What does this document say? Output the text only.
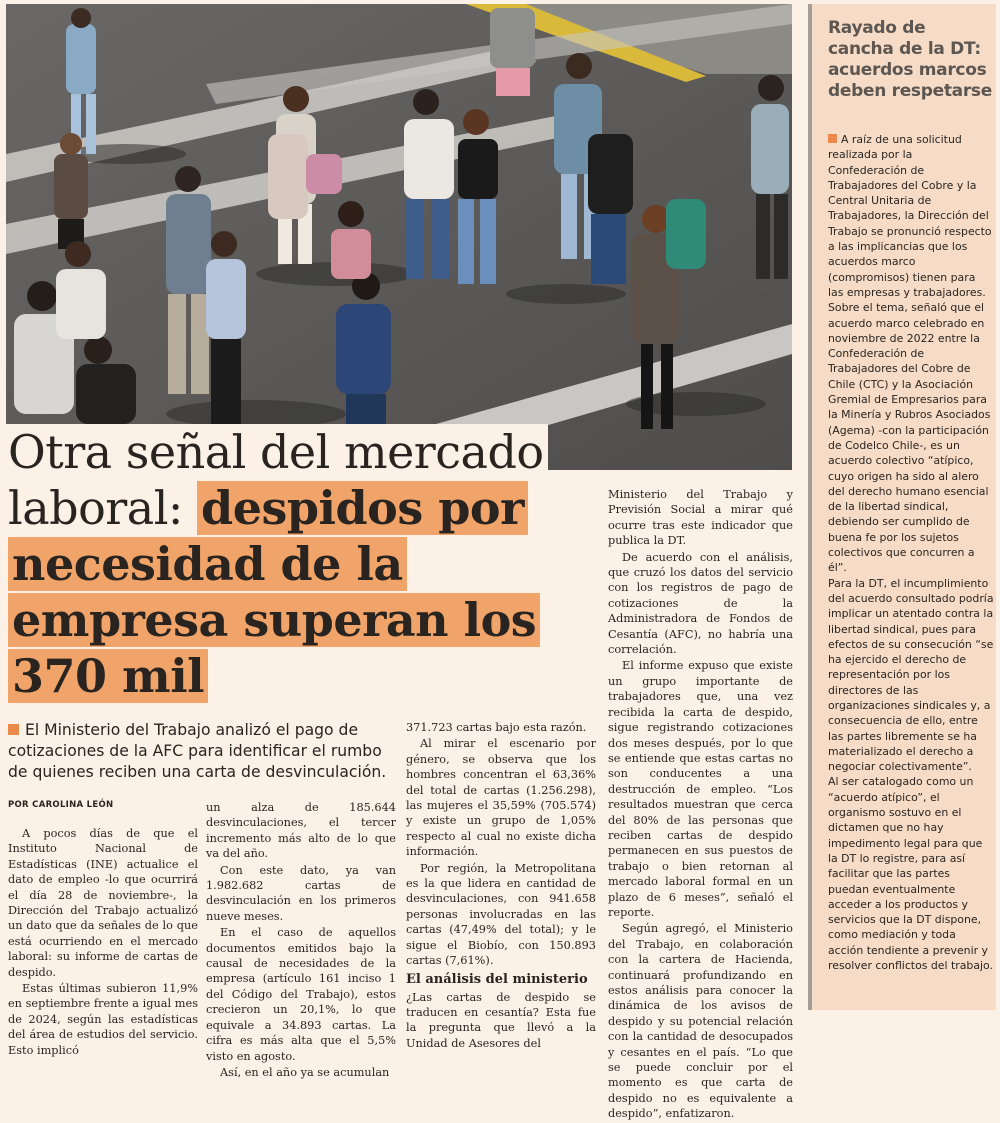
Otra señal del mercado laboral: despidos por necesidad de la empresa superan los 370 mil
El Ministerio del Trabajo analizó el pago de cotizaciones de la AFC para identificar el rumbo de quienes reciben una carta de desvinculación.
POR CAROLINA LEÓN

A pocos días de que el Instituto Nacional de Estadísticas (INE) actualice el dato de empleo -lo que ocurrirá el día 28 de noviembre-, la Dirección del Trabajo actualizó un dato que da señales de lo que está ocurriendo en el mercado laboral: su informe de cartas de despido.

Estas últimas subieron 11,9% en septiembre frente a igual mes de 2024, según las estadísticas del área de estudios del servicio. Esto implicó

un alza de 185.644 desvinculaciones, el tercer incremento más alto de lo que va del año.

Con este dato, ya van 1.982.682 cartas de desvinculación en los primeros nueve meses.

En el caso de aquellos documentos emitidos bajo la causal de necesidades de la empresa (artículo 161 inciso 1 del Código del Trabajo), estos crecieron un 20,1%, lo que equivale a 34.893 cartas. La cifra es más alta que el 5,5% visto en agosto.

Así, en el año ya se acumulan

371.723 cartas bajo esta razón.

Al mirar el escenario por género, se observa que los hombres concentran el 63,36% del total de cartas (1.256.298), las mujeres el 35,59% (705.574) y existe un grupo de 1,05% respecto al cual no existe dicha información.

Por región, la Metropolitana es la que lidera en cantidad de desvinculaciones, con 941.658 personas involucradas en las cartas (47,49% del total); y le sigue el Biobío, con 150.893 cartas (7,61%).

El análisis del ministerio

¿Las cartas de despido se traducen en cesantía? Esta fue la pregunta que llevó a la Unidad de Asesores del

Ministerio del Trabajo y Previsión Social a mirar qué ocurre tras este indicador que publica la DT.

De acuerdo con el análisis, que cruzó los datos del servicio con los registros de pago de cotizaciones de la Administradora de Fondos de Cesantía (AFC), no habría una correlación.

El informe expuso que existe un grupo importante de trabajadores que, una vez recibida la carta de despido, sigue registrando cotizaciones dos meses después, por lo que se entiende que estas cartas no son conducentes a una destrucción de empleo. “Los resultados muestran que cerca del 80% de las personas que reciben cartas de despido permanecen en sus puestos de trabajo o bien retornan al mercado laboral formal en un plazo de 6 meses”, señaló el reporte.

Según agregó, el Ministerio del Trabajo, en colaboración con la cartera de Hacienda, continuará profundizando en estos análisis para conocer la dinámica de los avisos de despido y su potencial relación con la cantidad de desocupados y cesantes en el país. “Lo que se puede concluir por el momento es que carta de despido no es equivalente a despido”, enfatizaron.

Rayado de cancha de la DT: acuerdos marcos deben respetarse

A raíz de una solicitud realizada por la Confederación de Trabajadores del Cobre y la Central Unitaria de Trabajadores, la Dirección del Trabajo se pronunció respecto a las implicancias que los acuerdos marco (compromisos) tienen para las empresas y trabajadores. Sobre el tema, señaló que el acuerdo marco celebrado en noviembre de 2022 entre la Confederación de Trabajadores del Cobre de Chile (CTC) y la Asociación Gremial de Empresarios para la Minería y Rubros Asociados (Agema) -con la participación de Codelco Chile-, es un acuerdo colectivo “atípico, cuyo origen ha sido al alero del derecho humano esencial de la libertad sindical, debiendo ser cumplido de buena fe por los sujetos colectivos que concurren a él”.

Para la DT, el incumplimiento del acuerdo consultado podría implicar un atentado contra la libertad sindical, pues para efectos de su consecución “se ha ejercido el derecho de representación por los directores de las organizaciones sindicales y, a consecuencia de ello, entre las partes libremente se ha materializado el derecho a negociar colectivamente”.

Al ser catalogado como un “acuerdo atípico”, el organismo sostuvo en el dictamen que no hay impedimento legal para que la DT lo registre, para así facilitar que las partes puedan eventualmente acceder a los productos y servicios que la DT dispone, como mediación y toda acción tendiente a prevenir y resolver conflictos del trabajo.
